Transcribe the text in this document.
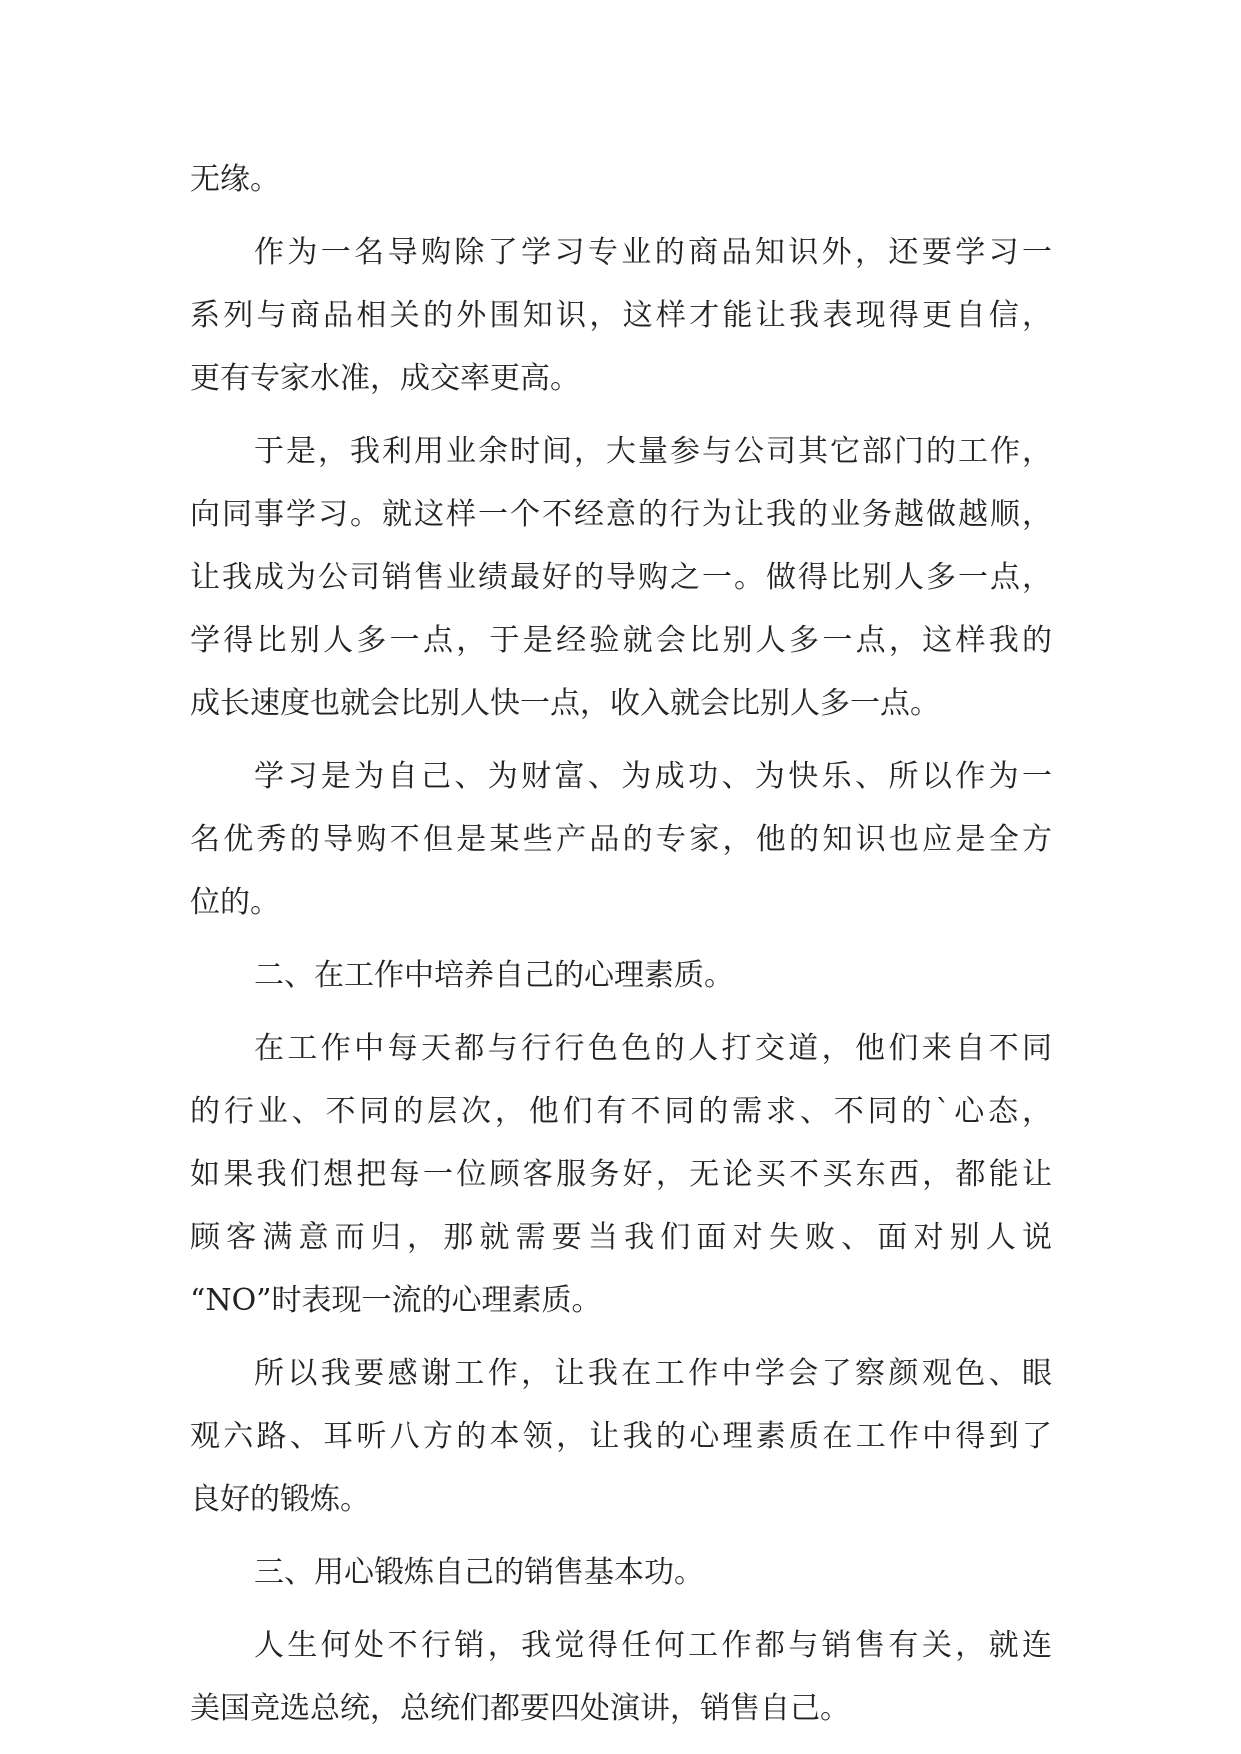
无缘。
作为一名导购除了学习专业的商品知识外，还要学习一
系列与商品相关的外围知识，这样才能让我表现得更自信，
更有专家水准，成交率更高。
于是，我利用业余时间，大量参与公司其它部门的工作，
向同事学习。就这样一个不经意的行为让我的业务越做越顺，
让我成为公司销售业绩最好的导购之一。做得比别人多一点，
学得比别人多一点，于是经验就会比别人多一点，这样我的
成长速度也就会比别人快一点，收入就会比别人多一点。
学习是为自己、为财富、为成功、为快乐、所以作为一
名优秀的导购不但是某些产品的专家，他的知识也应是全方
位的。
二、在工作中培养自己的心理素质。
在工作中每天都与行行色色的人打交道，他们来自不同
的行业、不同的层次，他们有不同的需求、不同的`心态，
如果我们想把每一位顾客服务好，无论买不买东西，都能让
顾客满意而归，那就需要当我们面对失败、面对别人说
“NO”时表现一流的心理素质。
所以我要感谢工作，让我在工作中学会了察颜观色、眼
观六路、耳听八方的本领，让我的心理素质在工作中得到了
良好的锻炼。
三、用心锻炼自己的销售基本功。
人生何处不行销，我觉得任何工作都与销售有关，就连
美国竞选总统，总统们都要四处演讲，销售自己。
